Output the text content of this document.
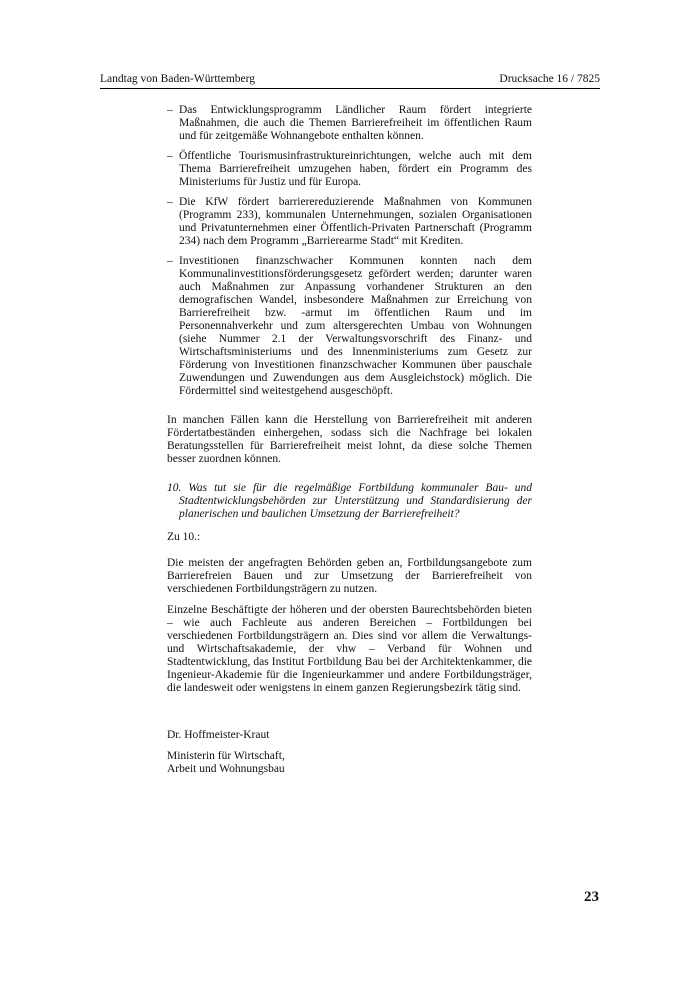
Landtag von Baden-Württemberg	Drucksache 16 / 7825
– Das Entwicklungsprogramm Ländlicher Raum fördert integrierte Maßnahmen, die auch die Themen Barrierefreiheit im öffentlichen Raum und für zeitgemäße Wohnangebote enthalten können.
– Öffentliche Tourismusinfrastruktureinrichtungen, welche auch mit dem Thema Barrierefreiheit umzugehen haben, fördert ein Programm des Ministeriums für Justiz und für Europa.
– Die KfW fördert barrierereduzierende Maßnahmen von Kommunen (Programm 233), kommunalen Unternehmungen, sozialen Organisationen und Privatunternehmen einer Öffentlich-Privaten Partnerschaft (Programm 234) nach dem Programm „Barrierearme Stadt“ mit Krediten.
– Investitionen finanzschwacher Kommunen konnten nach dem Kommunalinvestitionsförderungsgesetz gefördert werden; darunter waren auch Maßnahmen zur Anpassung vorhandener Strukturen an den demografischen Wandel, insbesondere Maßnahmen zur Erreichung von Barrierefreiheit bzw. -armut im öffentlichen Raum und im Personennahverkehr und zum altersgerechten Umbau von Wohnungen (siehe Nummer 2.1 der Verwaltungsvorschrift des Finanz- und Wirtschaftsministeriums und des Innenministeriums zum Gesetz zur Förderung von Investitionen finanzschwacher Kommunen über pauschale Zuwendungen und Zuwendungen aus dem Ausgleichstock) möglich. Die Fördermittel sind weitestgehend ausgeschöpft.

In manchen Fällen kann die Herstellung von Barrierefreiheit mit anderen Fördertatbeständen einhergehen, sodass sich die Nachfrage bei lokalen Beratungsstellen für Barrierefreiheit meist lohnt, da diese solche Themen besser zuordnen können.

10. Was tut sie für die regelmäßige Fortbildung kommunaler Bau- und Stadtentwicklungsbehörden zur Unterstützung und Standardisierung der planerischen und baulichen Umsetzung der Barrierefreiheit?

Zu 10.:

Die meisten der angefragten Behörden geben an, Fortbildungsangebote zum Barrierefreien Bauen und zur Umsetzung der Barrierefreiheit von verschiedenen Fortbildungsträgern zu nutzen.

Einzelne Beschäftigte der höheren und der obersten Baurechtsbehörden bieten – wie auch Fachleute aus anderen Bereichen – Fortbildungen bei verschiedenen Fortbildungsträgern an. Dies sind vor allem die Verwaltungs- und Wirtschaftsakademie, der vhw – Verband für Wohnen und Stadtentwicklung, das Institut Fortbildung Bau bei der Architektenkammer, die Ingenieur-Akademie für die Ingenieurkammer und andere Fortbildungsträger, die landesweit oder wenigstens in einem ganzen Regierungsbezirk tätig sind.

Dr. Hoffmeister-Kraut

Ministerin für Wirtschaft,
Arbeit und Wohnungsbau

23
